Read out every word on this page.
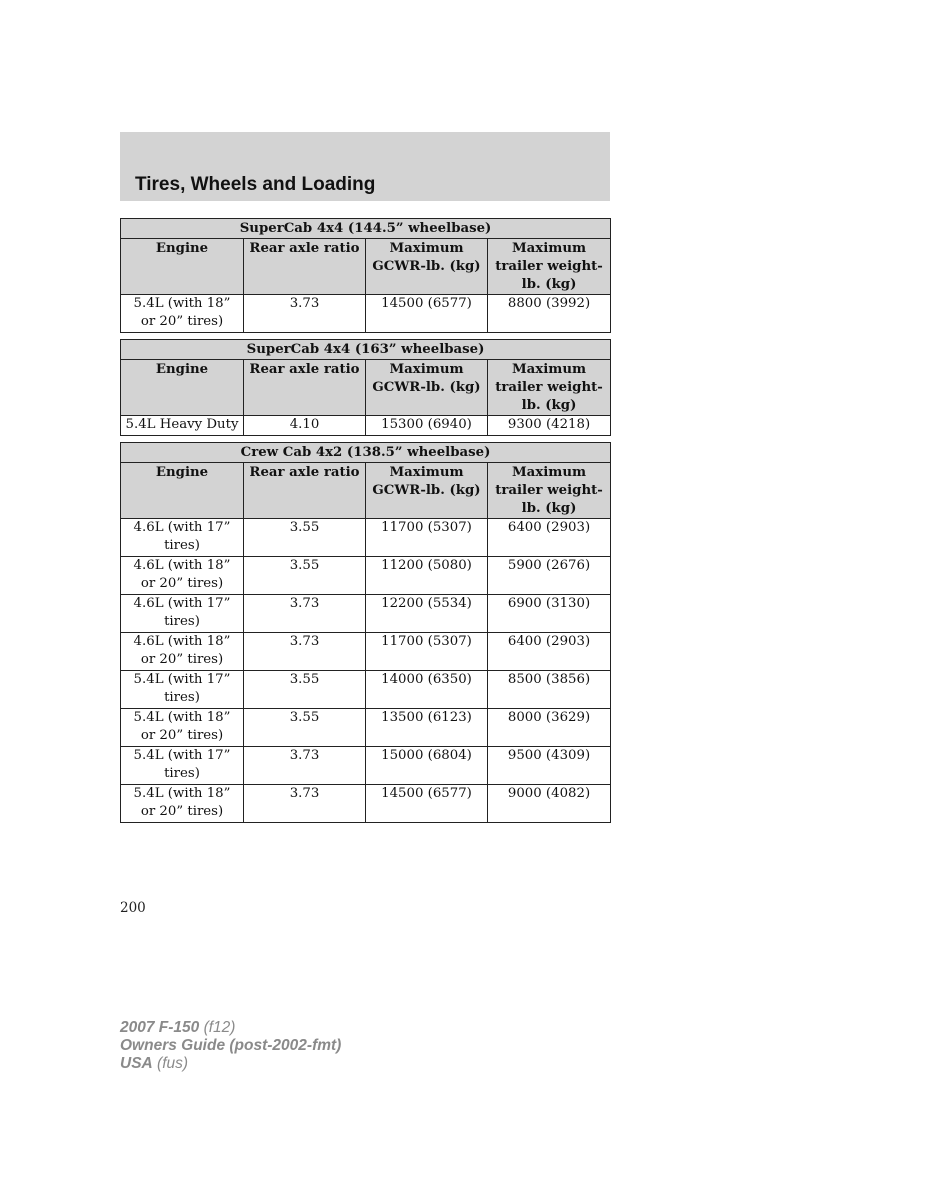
Tires, Wheels and Loading
SuperCab 4x4 (144.5” wheelbase)			
Engine	Rear axle ratio	Maximum GCWR-lb. (kg)	Maximum trailer weight-lb. (kg)
5.4L (with 18” or 20” tires)	3.73	14500 (6577)	8800 (3992)
SuperCab 4x4 (163” wheelbase)			
Engine	Rear axle ratio	Maximum GCWR-lb. (kg)	Maximum trailer weight-lb. (kg)
5.4L Heavy Duty	4.10	15300 (6940)	9300 (4218)
Crew Cab 4x2 (138.5” wheelbase)			
Engine	Rear axle ratio	Maximum GCWR-lb. (kg)	Maximum trailer weight-lb. (kg)
4.6L (with 17” tires)	3.55	11700 (5307)	6400 (2903)
4.6L (with 18” or 20” tires)	3.55	11200 (5080)	5900 (2676)
4.6L (with 17” tires)	3.73	12200 (5534)	6900 (3130)
4.6L (with 18” or 20” tires)	3.73	11700 (5307)	6400 (2903)
5.4L (with 17” tires)	3.55	14000 (6350)	8500 (3856)
5.4L (with 18” or 20” tires)	3.55	13500 (6123)	8000 (3629)
5.4L (with 17” tires)	3.73	15000 (6804)	9500 (4309)
5.4L (with 18” or 20” tires)	3.73	14500 (6577)	9000 (4082)
200
2007 F-150 (f12)
Owners Guide (post-2002-fmt)
USA (fus)
